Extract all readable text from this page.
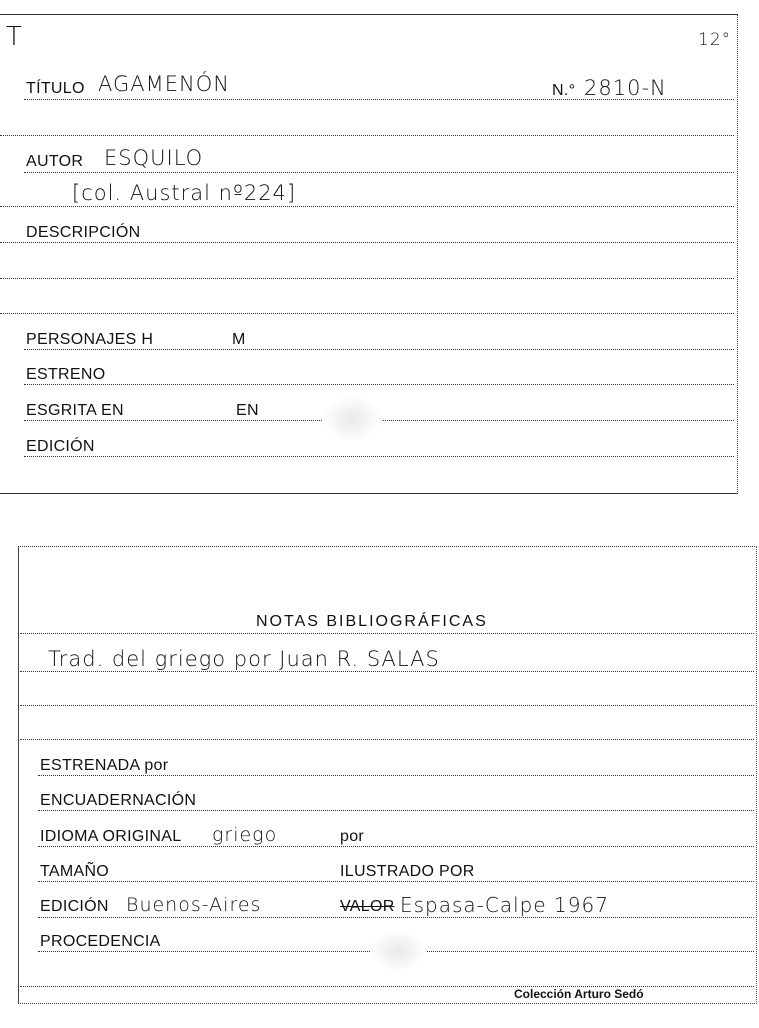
T	12°
TÍTULO AGAMENÓN	N.° 2810-N
AUTOR ESQUILO
[col. Austral nº224]
DESCRIPCIÓN
PERSONAJES H	M
ESTRENO
ESGRITA EN	EN
EDICIÓN
NOTAS BIBLIOGRÁFICAS
Trad. del griego por Juan R. SALAS
ESTRENADA por
ENCUADERNACIÓN
IDIOMA ORIGINAL griego	por
TAMAÑO	ILUSTRADO POR
EDICIÓN Buenos-Aires	VALOR Espasa-Calpe 1967
PROCEDENCIA
Colección Arturo Sedó
